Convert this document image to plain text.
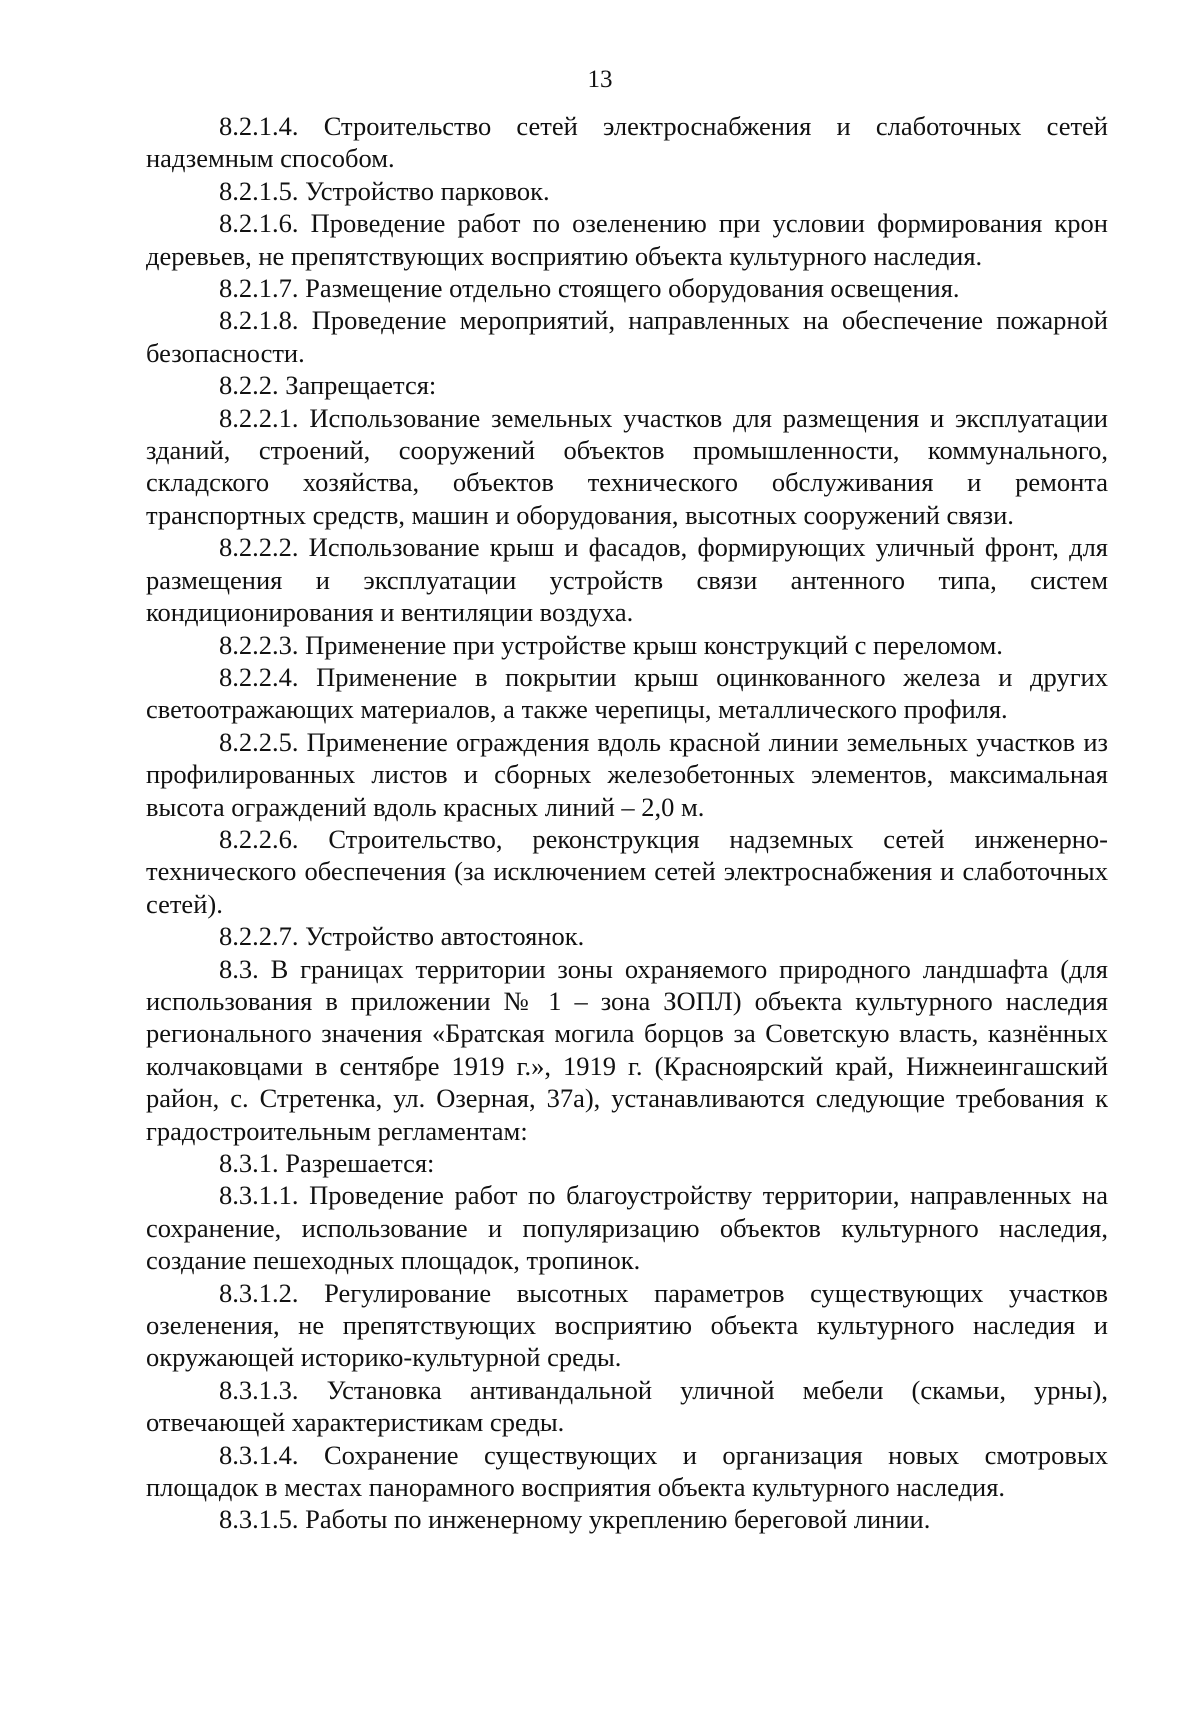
13

8.2.1.4. Строительство сетей электроснабжения и слаботочных сетей надземным способом.

8.2.1.5. Устройство парковок.

8.2.1.6. Проведение работ по озеленению при условии формирования крон деревьев, не препятствующих восприятию объекта культурного наследия.

8.2.1.7. Размещение отдельно стоящего оборудования освещения.

8.2.1.8. Проведение мероприятий, направленных на обеспечение пожарной безопасности.

8.2.2. Запрещается:

8.2.2.1. Использование земельных участков для размещения и эксплуатации зданий, строений, сооружений объектов промышленности, коммунального, складского хозяйства, объектов технического обслуживания и ремонта транспортных средств, машин и оборудования, высотных сооружений связи.

8.2.2.2. Использование крыш и фасадов, формирующих уличный фронт, для размещения и эксплуатации устройств связи антенного типа, систем кондиционирования и вентиляции воздуха.

8.2.2.3. Применение при устройстве крыш конструкций с переломом.

8.2.2.4. Применение в покрытии крыш оцинкованного железа и других светоотражающих материалов, а также черепицы, металлического профиля.

8.2.2.5. Применение ограждения вдоль красной линии земельных участков из профилированных листов и сборных железобетонных элементов, максимальная высота ограждений вдоль красных линий – 2,0 м.

8.2.2.6. Строительство, реконструкция надземных сетей инженерно-технического обеспечения (за исключением сетей электроснабжения и слаботочных сетей).

8.2.2.7. Устройство автостоянок.

8.3. В границах территории зоны охраняемого природного ландшафта (для использования в приложении № 1 – зона ЗОПЛ) объекта культурного наследия регионального значения «Братская могила борцов за Советскую власть, казнённых колчаковцами в сентябре 1919 г.», 1919 г. (Красноярский край, Нижнеингашский район, с. Стретенка, ул. Озерная, 37а), устанавливаются следующие требования к градостроительным регламентам:

8.3.1. Разрешается:

8.3.1.1. Проведение работ по благоустройству территории, направленных на сохранение, использование и популяризацию объектов культурного наследия, создание пешеходных площадок, тропинок.

8.3.1.2. Регулирование высотных параметров существующих участков озеленения, не препятствующих восприятию объекта культурного наследия и окружающей историко-культурной среды.

8.3.1.3. Установка антивандальной уличной мебели (скамьи, урны), отвечающей характеристикам среды.

8.3.1.4. Сохранение существующих и организация новых смотровых площадок в местах панорамного восприятия объекта культурного наследия.

8.3.1.5. Работы по инженерному укреплению береговой линии.
